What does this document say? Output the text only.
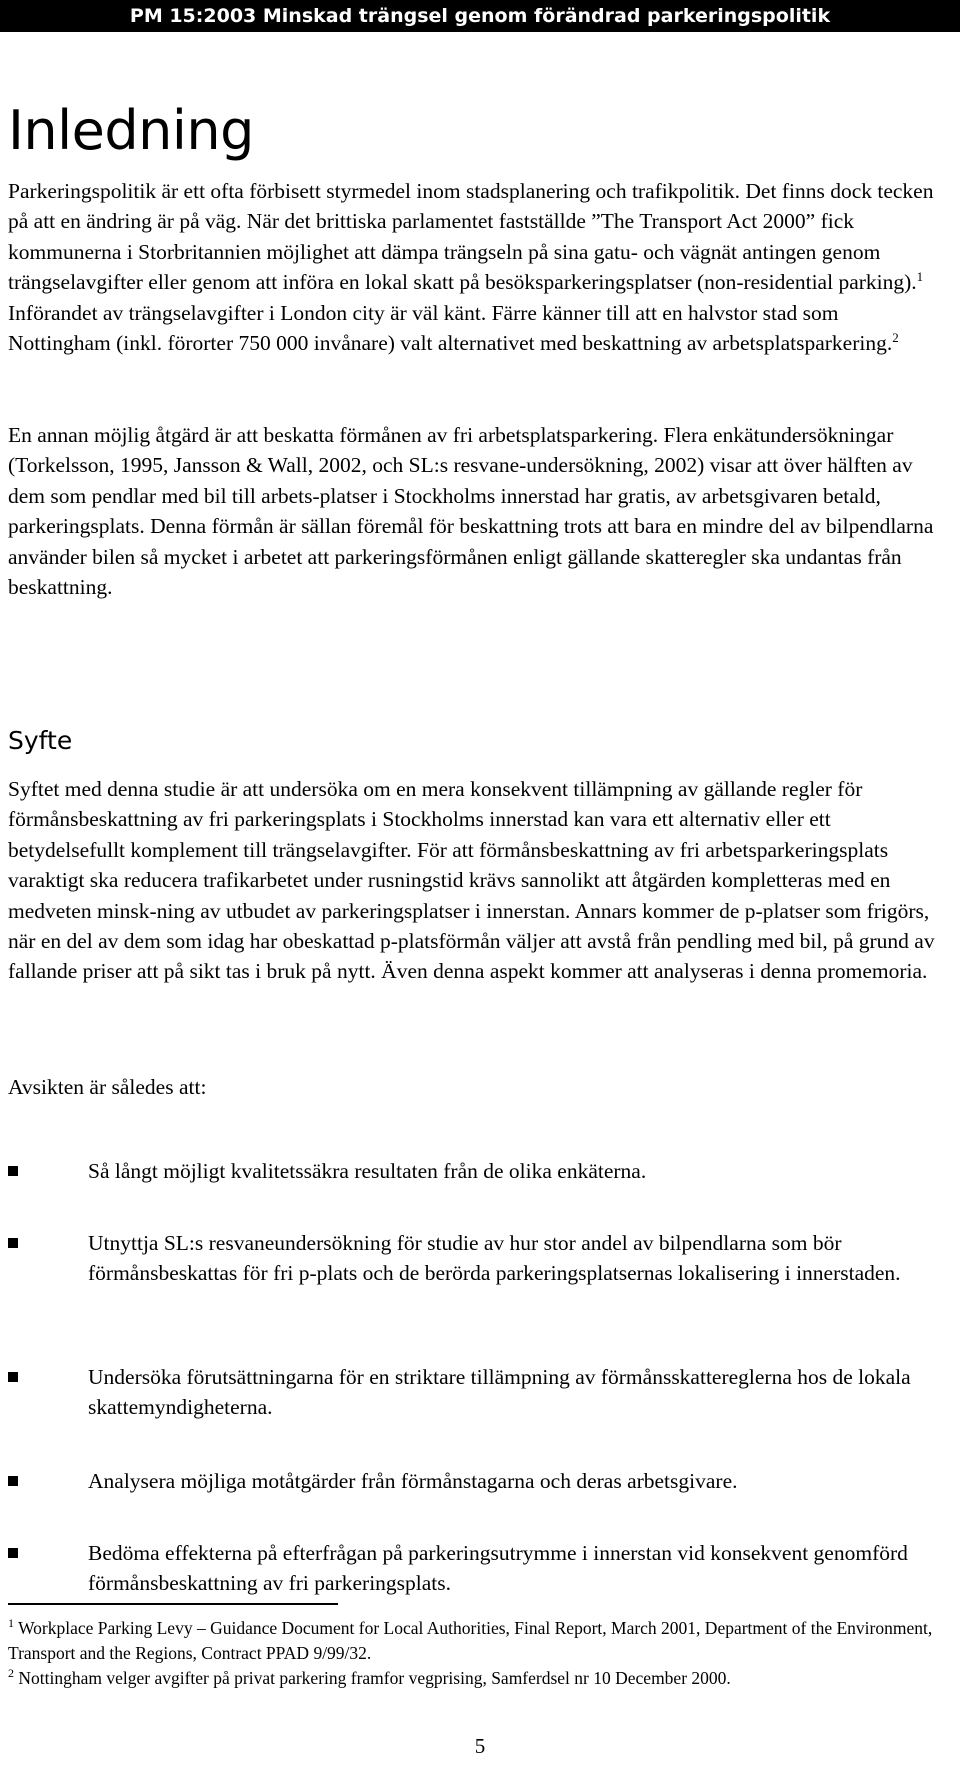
PM 15:2003 Minskad trängsel genom förändrad parkeringspolitik
Inledning
Parkeringspolitik är ett ofta förbisett styrmedel inom stadsplanering och trafikpolitik. Det finns dock tecken på att en ändring är på väg. När det brittiska parlamentet fastställde ”The Transport Act 2000” fick kommunerna i Storbritannien möjlighet att dämpa trängseln på sina gatu- och vägnät antingen genom trängselavgifter eller genom att införa en lokal skatt på besöksparkeringsplatser (non-residential parking).$^1$ Införandet av trängselavgifter i London city är väl känt. Färre känner till att en halvstor stad som Nottingham (inkl. förorter 750 000 invånare) valt alternativet med beskattning av arbetsplatsparkering.$^2$
En annan möjlig åtgärd är att beskatta förmånen av fri arbetsplatsparkering. Flera enkätundersökningar (Torkelsson, 1995, Jansson & Wall, 2002, och SL:s resvane-undersökning, 2002) visar att över hälften av dem som pendlar med bil till arbets-platser i Stockholms innerstad har gratis, av arbetsgivaren betald, parkeringsplats. Denna förmån är sällan föremål för beskattning trots att bara en mindre del av bilpendlarna använder bilen så mycket i arbetet att parkeringsförmånen enligt gällande skatteregler ska undantas från beskattning.
Syfte
Syftet med denna studie är att undersöka om en mera konsekvent tillämpning av gällande regler för förmånsbeskattning av fri parkeringsplats i Stockholms innerstad kan vara ett alternativ eller ett betydelsefullt komplement till trängselavgifter. För att förmånsbeskattning av fri arbetsparkeringsplats varaktigt ska reducera trafikarbetet under rusningstid krävs sannolikt att åtgärden kompletteras med en medveten minsk-ning av utbudet av parkeringsplatser i innerstan. Annars kommer de p-platser som frigörs, när en del av dem som idag har obeskattad p-platsförmån väljer att avstå från pendling med bil, på grund av fallande priser att på sikt tas i bruk på nytt. Även denna aspekt kommer att analyseras i denna promemoria.
Avsikten är således att:
Så långt möjligt kvalitetssäkra resultaten från de olika enkäterna.
Utnyttja SL:s resvaneundersökning för studie av hur stor andel av bilpendlarna som bör förmånsbeskattas för fri p-plats och de berörda parkeringsplatsernas lokalisering i innerstaden.
Undersöka förutsättningarna för en striktare tillämpning av förmånsskattereglerna hos de lokala skattemyndigheterna.
Analysera möjliga motåtgärder från förmånstagarna och deras arbetsgivare.
Bedöma effekterna på efterfrågan på parkeringsutrymme i innerstan vid konsekvent genomförd förmånsbeskattning av fri parkeringsplats.
$^1$ Workplace Parking Levy – Guidance Document for Local Authorities, Final Report, March 2001, Department of the Environment, Transport and the Regions, Contract PPAD 9/99/32.
$^2$ Nottingham velger avgifter på privat parkering framfor vegprising, Samferdsel nr 10 December 2000.
5
